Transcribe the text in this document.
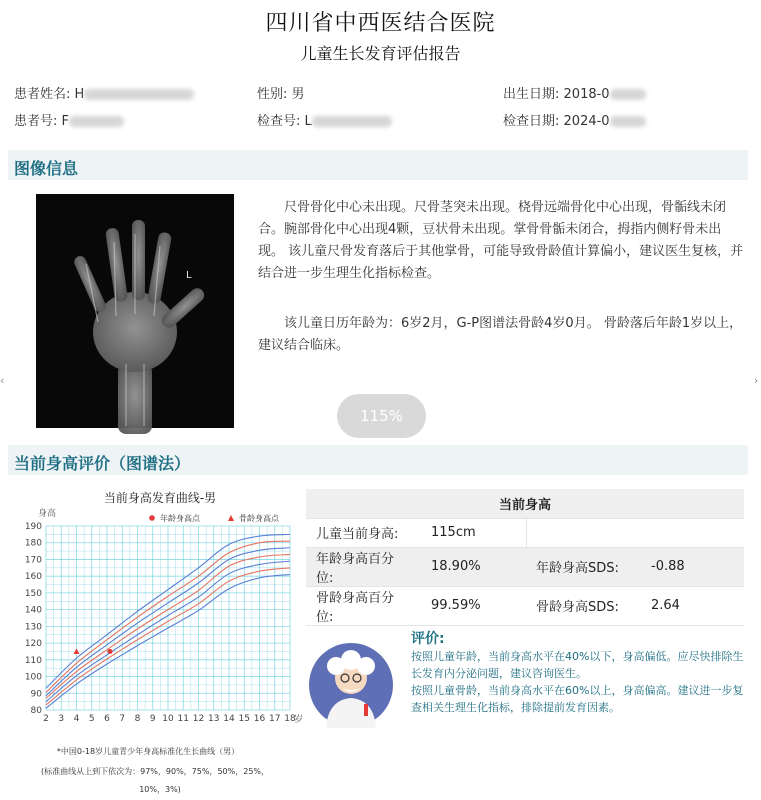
四川省中西医结合医院
儿童生长发育评估报告
患者姓名: H	性别: 男	出生日期: 2018-0
患者号: F	检查号: L	检查日期: 2024-0
图像信息
L
尺骨骨化中心未出现。尺骨茎突未出现。桡骨远端骨化中心出现，骨骺线未闭合。腕部骨化中心出现4颗，豆状骨未出现。掌骨骨骺未闭合，拇指内侧籽骨未出现。 该儿童尺骨发育落后于其他掌骨，可能导致骨龄值计算偏小，建议医生复核，并结合进一步生理生化指标检查。
该儿童日历年龄为：6岁2月，G-P图谱法骨龄4岁0月。 骨龄落后年龄1岁以上，建议结合临床。
115%
‹	›
当前身高评价（图谱法）
当前身高发育曲线-男
身高
岁
2 3 4 5 6 7 8 9 10 11 12 13 14 15 16 17 18
80
90
100
110
120
130
140
150
160
170
180
190
年龄身高点	骨龄身高点
*中国0-18岁儿童青少年身高标准化生长曲线（男）
(标准曲线从上到下依次为：97%，90%，75%，50%，25%，
10%，3%)
当前身高			
儿童当前身高:	115cm		
年龄身高百分位:	18.90%	年龄身高SDS:	-0.88
骨龄身高百分位:	99.59%	骨龄身高SDS:	2.64
评价:
按照儿童年龄，当前身高水平在40%以下，身高偏低。应尽快排除生长发育内分泌问题，建议咨询医生。
按照儿童骨龄，当前身高水平在60%以上，身高偏高。建议进一步复查相关生理生化指标，排除提前发育因素。
